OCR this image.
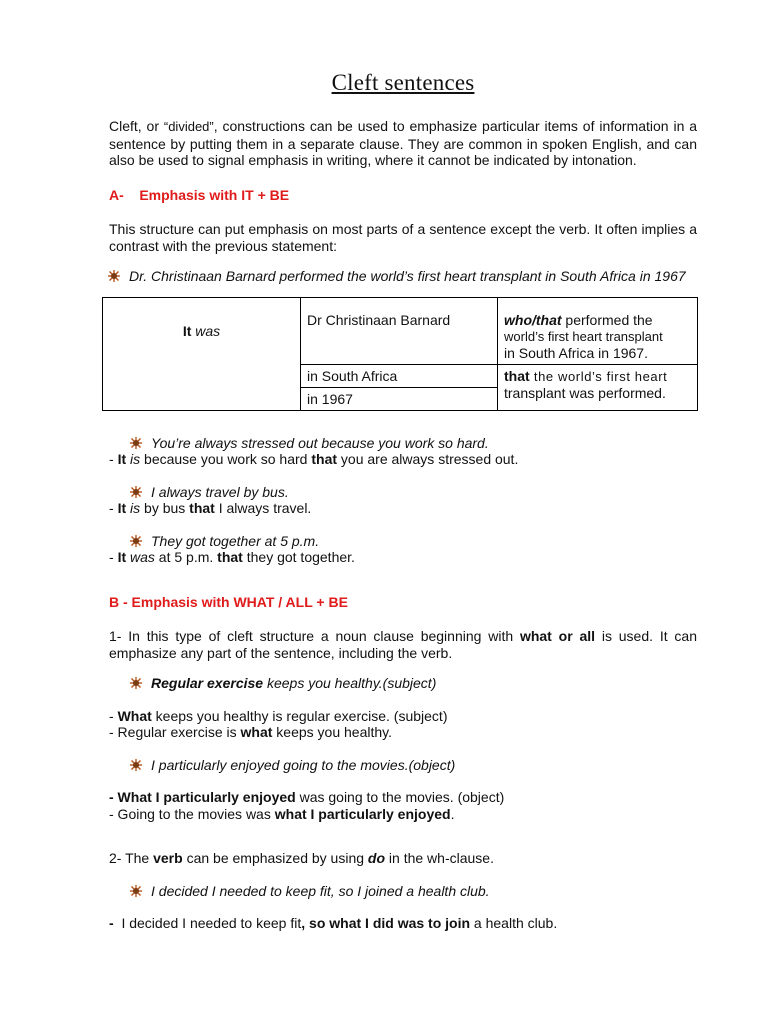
Cleft sentences

Cleft, or “divided”, constructions can be used to emphasize particular items of information in a sentence by putting them in a separate clause. They are common in spoken English, and can also be used to signal emphasis in writing, where it cannot be indicated by intonation.

A-    Emphasis with IT + BE

This structure can put emphasis on most parts of a sentence except the verb. It often implies a contrast with the previous statement:

Dr. Christinaan Barnard performed the world’s first heart transplant in South Africa in 1967

It was	Dr Christinaan Barnard	who/that performed the
world’s first heart transplant
in South Africa in 1967.
	in South Africa	that the world’s first heart
transplant was performed.
	in 1967	

You’re always stressed out because you work so hard.

- It is because you work so hard that you are always stressed out.

I always travel by bus.

- It is by bus that I always travel.

They got together at 5 p.m.

- It was at 5 p.m. that they got together.

B - Emphasis with WHAT / ALL + BE

1- In this type of cleft structure a noun clause beginning with what or all is used. It can emphasize any part of the sentence, including the verb.

Regular exercise keeps you healthy.(subject)

- What keeps you healthy is regular exercise. (subject)

- Regular exercise is what keeps you healthy.

I particularly enjoyed going to the movies.(object)

- What I particularly enjoyed was going to the movies. (object)

- Going to the movies was what I particularly enjoyed.

2- The verb can be emphasized by using do in the wh-clause.

I decided I needed to keep fit, so I joined a health club.

-  I decided I needed to keep fit, so what I did was to join a health club.
